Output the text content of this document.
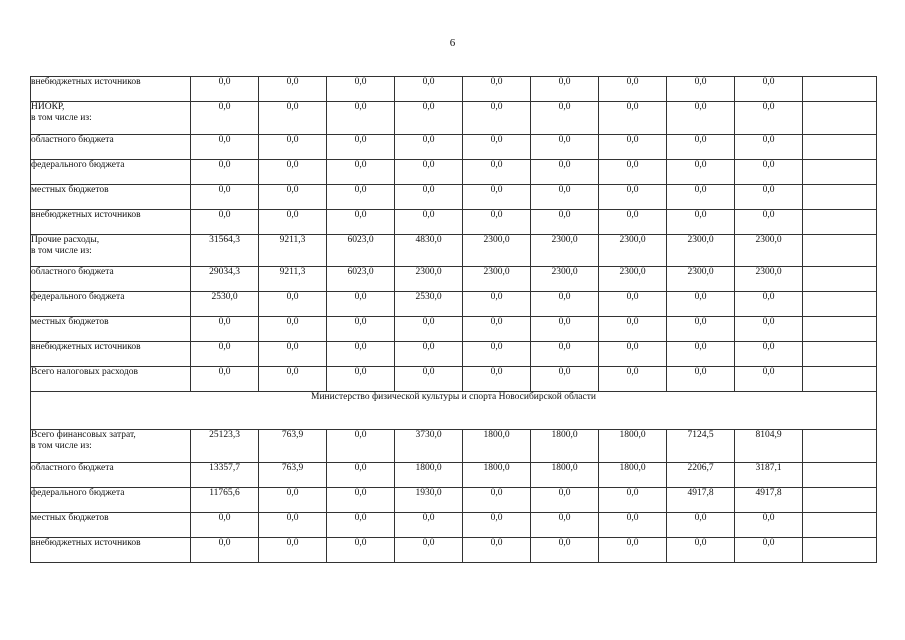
6
внебюджетных источников	0,0	0,0	0,0	0,0	0,0	0,0	0,0	0,0	0,0	

НИОКР,
в том числе из:	0,0	0,0	0,0	0,0	0,0	0,0	0,0	0,0	0,0	

областного бюджета	0,0	0,0	0,0	0,0	0,0	0,0	0,0	0,0	0,0	

федерального бюджета	0,0	0,0	0,0	0,0	0,0	0,0	0,0	0,0	0,0	

местных бюджетов	0,0	0,0	0,0	0,0	0,0	0,0	0,0	0,0	0,0	

внебюджетных источников	0,0	0,0	0,0	0,0	0,0	0,0	0,0	0,0	0,0	

Прочие расходы,
в том числе из:	31564,3	9211,3	6023,0	4830,0	2300,0	2300,0	2300,0	2300,0	2300,0	

областного бюджета	29034,3	9211,3	6023,0	2300,0	2300,0	2300,0	2300,0	2300,0	2300,0	

федерального бюджета	2530,0	0,0	0,0	2530,0	0,0	0,0	0,0	0,0	0,0	

местных бюджетов	0,0	0,0	0,0	0,0	0,0	0,0	0,0	0,0	0,0	

внебюджетных источников	0,0	0,0	0,0	0,0	0,0	0,0	0,0	0,0	0,0	

Всего налоговых расходов	0,0	0,0	0,0	0,0	0,0	0,0	0,0	0,0	0,0	
Министерство физической культуры и спорта Новосибирской области										

Всего финансовых затрат,
в том числе из:	25123,3	763,9	0,0	3730,0	1800,0	1800,0	1800,0	7124,5	8104,9	

областного бюджета	13357,7	763,9	0,0	1800,0	1800,0	1800,0	1800,0	2206,7	3187,1	

федерального бюджета	11765,6	0,0	0,0	1930,0	0,0	0,0	0,0	4917,8	4917,8	

местных бюджетов	0,0	0,0	0,0	0,0	0,0	0,0	0,0	0,0	0,0	

внебюджетных источников	0,0	0,0	0,0	0,0	0,0	0,0	0,0	0,0	0,0	
